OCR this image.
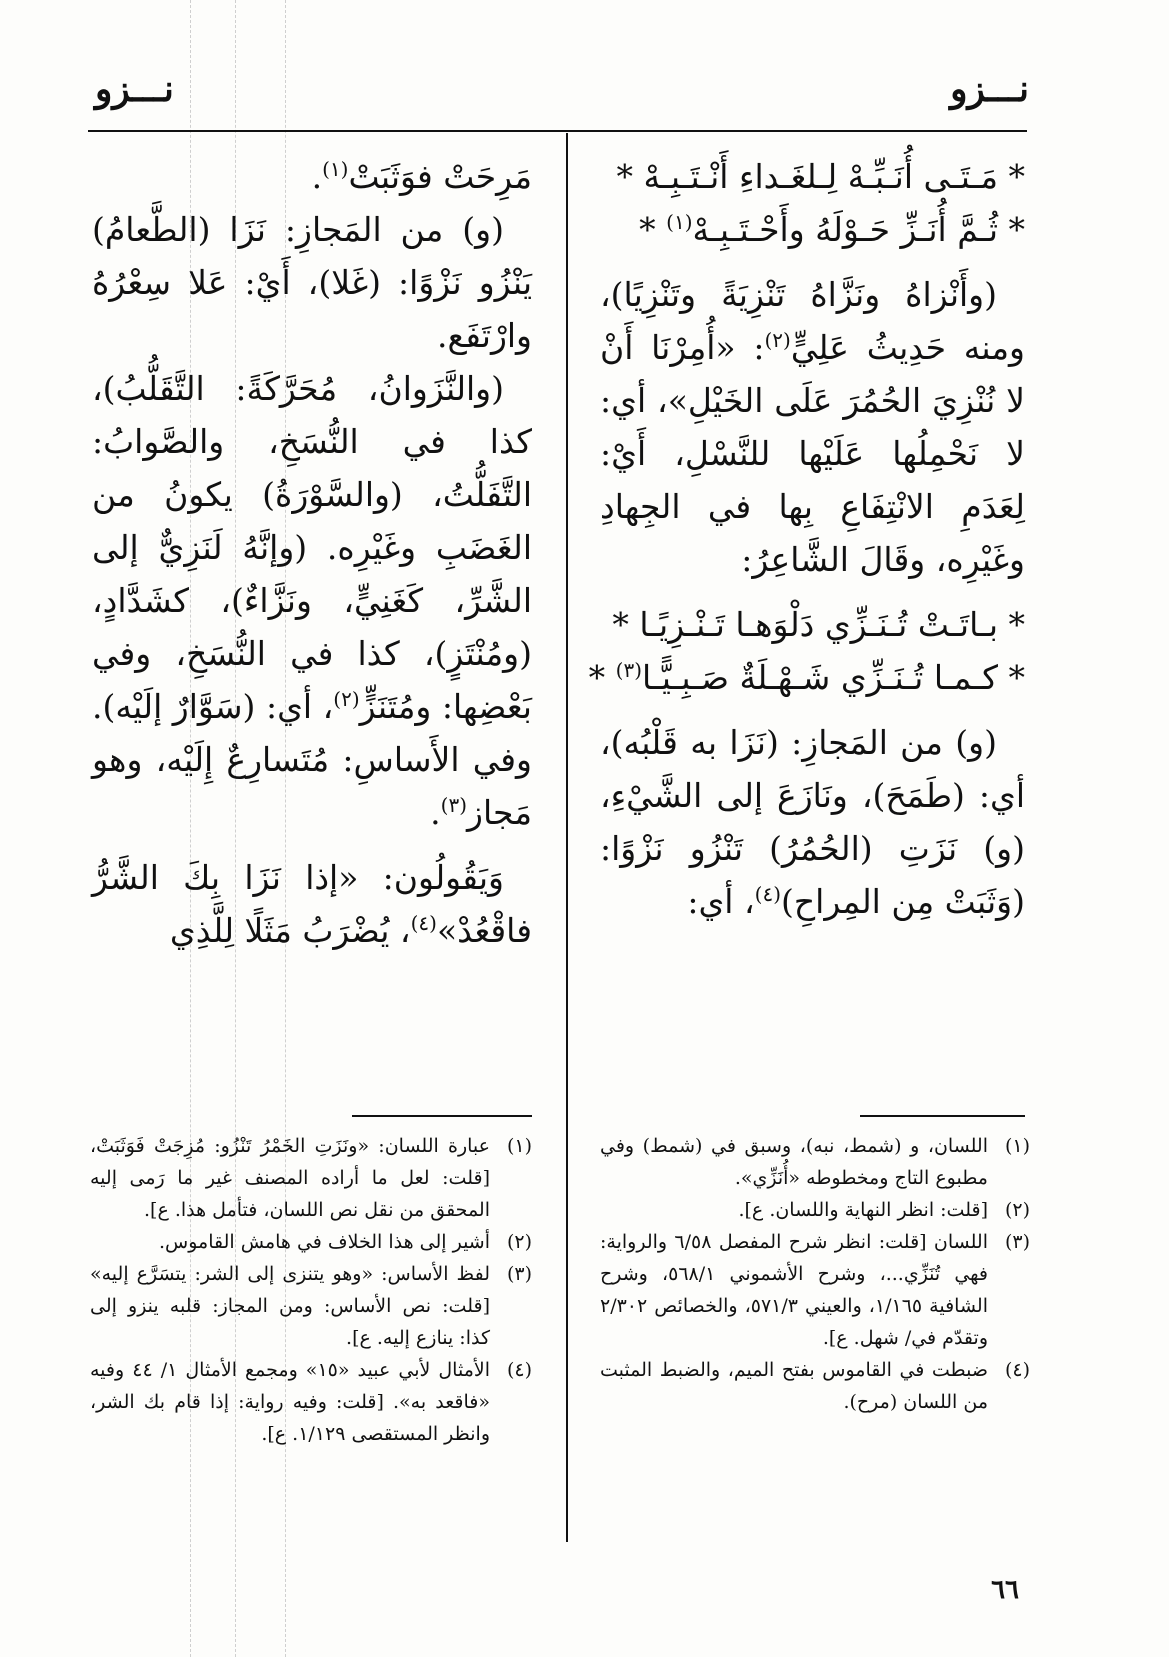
نـــزو
نـــزو

* مَـتَـى أُنَـبِّـهْ لِـلغَـداءِ أَنْـتَـبِـهْ *

* ثُـمَّ أُنَـزِّ حَـوْلَهُ وأَحْـتَـبِـهْ$^{(١)}$ *

(وأَنْزاهُ ونَزَّاهُ تَنْزِيَةً وتَنْزِيًا)، ومنه حَدِيثُ عَلِيٍّ$^{(٢)}$: «أُمِرْنَا أَنْ لا نُنْزِيَ الحُمُرَ عَلَى الخَيْلِ»، أي: لا نَحْمِلُها عَلَيْها للنَّسْلِ، أَيْ: لِعَدَمِ الانْتِفَاعِ بِها في الجِهادِ وغَيْرِه، وقَالَ الشَّاعِرُ:

* بـاتَـتْ تُـنَـزِّي دَلْوَهـا تَـنْـزِيًـا *

* كـمـا تُـنَـزِّي شَـهْـلَةٌ صَـبِـيًّـا$^{(٣)}$ *

(و) من المَجازِ: (نَزَا به قَلْبُه)، أي: (طَمَحَ)، ونَازَعَ إلى الشَّيْءِ، (و) نَزَتِ (الحُمُرُ) تَنْزُو نَزْوًا: (وَثَبَتْ مِن المِراحِ)$^{(٤)}$، أي:

مَرِحَتْ فوَثَبَتْ$^{(١)}$.

(و) من المَجازِ: نَزَا (الطَّعامُ) يَنْزُو نَزْوًا: (غَلا)، أَيْ: عَلا سِعْرُهُ وارْتَفَع.

(والنَّزَوانُ، مُحَرَّكَةً: التَّقَلُّبُ)، كذا في النُّسَخِ، والصَّوابُ: التَّفَلُّتُ، (والسَّوْرَةُ) يكونُ من الغَضَبِ وغَيْرِه. (وإنَّهُ لَنَزِيٌّ إلى الشَّرِّ، كَغَنِيٍّ، ونَزَّاءٌ)، كشَدَّادٍ، (ومُنْتَزٍ)، كذا في النُّسَخِ، وفي بَعْضِها: ومُتَنَزٍّ$^{(٢)}$، أي: (سَوَّارٌ إلَيْه). وفي الأَساسِ: مُتَسارِعٌ إِلَيْه، وهو مَجاز$^{(٣)}$.

وَيَقُولُون: «إذا نَزَا بِكَ الشَّرُّ فاقْعُدْ»$^{(٤)}$، يُضْرَبُ مَثَلًا لِلَّذِي

(١)
اللسان، و (شمط، نبه)، وسبق في (شمط) وفي مطبوع التاج ومخطوطه «أُنَزِّي».
(٢)
[قلت: انظر النهاية واللسان. ع].
(٣)
اللسان [قلت: انظر شرح المفصل ٦/٥٨ والرواية: فهي تُنَزِّي...، وشرح الأشموني ٥٦٨/١، وشرح الشافية ١/١٦٥، والعيني ٥٧١/٣، والخصائص ٢/٣٠٢ وتقدّم في/ شهل. ع].
(٤)
ضبطت في القاموس بفتح الميم، والضبط المثبت من اللسان (مرح).
(١)
عبارة اللسان: «ونَزَتِ الخَمْرُ تَنْزُو: مُزِجَتْ فَوَثَبَتْ، [قلت: لعل ما أراده المصنف غير ما رَمى إليه المحقق من نقل نص اللسان، فتأمل هذا. ع].
(٢)
أشير إلى هذا الخلاف في هامش القاموس.
(٣)
لفظ الأساس: «وهو يتنزى إلى الشر: يتسَرَّع إليه» [قلت: نص الأساس: ومن المجاز: قلبه ينزو إلى كذا: ينازع إليه. ع].
(٤)
الأمثال لأبي عبيد «١٥» ومجمع الأمثال ١/ ٤٤ وفيه «فاقعد به». [قلت: وفيه رواية: إذا قام بك الشر، وانظر المستقصى ١/١٢٩. ع].
٦٦
